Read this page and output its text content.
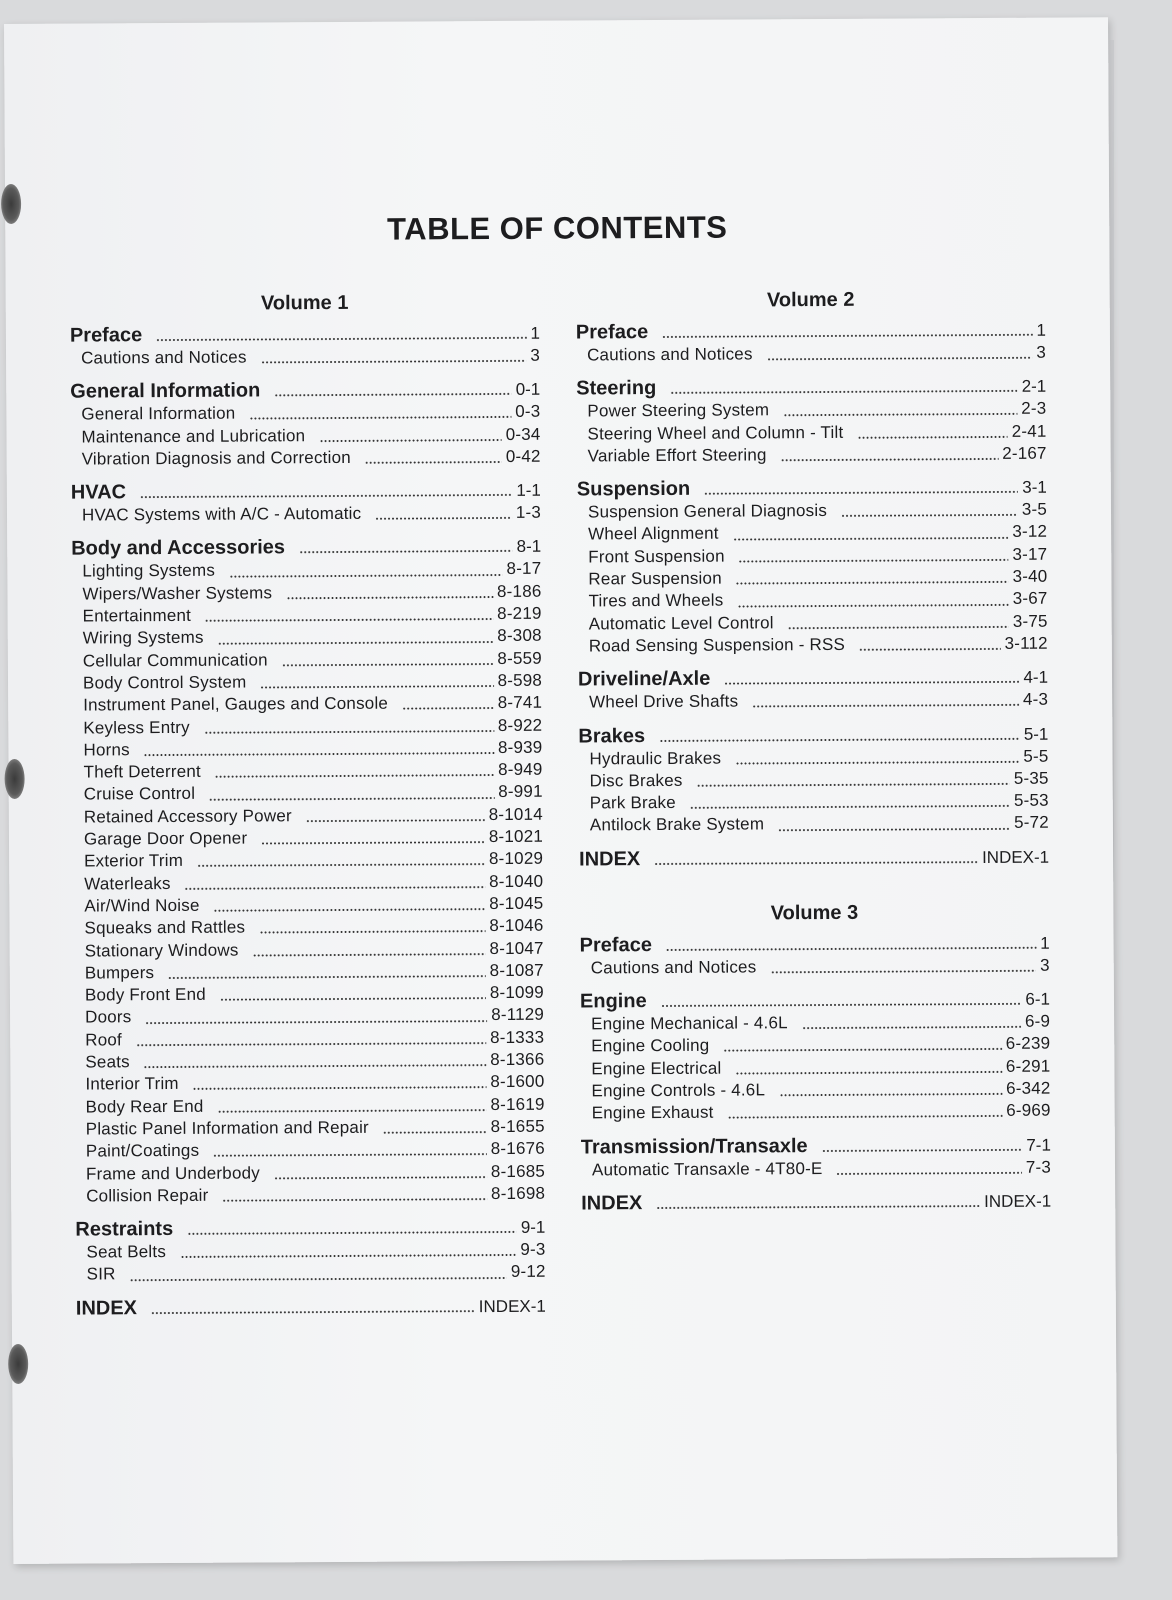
TABLE OF CONTENTS
Volume 1
Preface	1
Cautions and Notices	3
General Information	0-1
General Information	0-3
Maintenance and Lubrication	0-34
Vibration Diagnosis and Correction	0-42
HVAC	1-1
HVAC Systems with A/C - Automatic	1-3
Body and Accessories	8-1
Lighting Systems	8-17
Wipers/Washer Systems	8-186
Entertainment	8-219
Wiring Systems	8-308
Cellular Communication	8-559
Body Control System	8-598
Instrument Panel, Gauges and Console	8-741
Keyless Entry	8-922
Horns	8-939
Theft Deterrent	8-949
Cruise Control	8-991
Retained Accessory Power	8-1014
Garage Door Opener	8-1021
Exterior Trim	8-1029
Waterleaks	8-1040
Air/Wind Noise	8-1045
Squeaks and Rattles	8-1046
Stationary Windows	8-1047
Bumpers	8-1087
Body Front End	8-1099
Doors	8-1129
Roof	8-1333
Seats	8-1366
Interior Trim	8-1600
Body Rear End	8-1619
Plastic Panel Information and Repair	8-1655
Paint/Coatings	8-1676
Frame and Underbody	8-1685
Collision Repair	8-1698
Restraints	9-1
Seat Belts	9-3
SIR	9-12
INDEX	INDEX-1
Volume 2
Preface	1
Cautions and Notices	3
Steering	2-1
Power Steering System	2-3
Steering Wheel and Column - Tilt	2-41
Variable Effort Steering	2-167
Suspension	3-1
Suspension General Diagnosis	3-5
Wheel Alignment	3-12
Front Suspension	3-17
Rear Suspension	3-40
Tires and Wheels	3-67
Automatic Level Control	3-75
Road Sensing Suspension - RSS	3-112
Driveline/Axle	4-1
Wheel Drive Shafts	4-3
Brakes	5-1
Hydraulic Brakes	5-5
Disc Brakes	5-35
Park Brake	5-53
Antilock Brake System	5-72
INDEX	INDEX-1
Volume 3
Preface	1
Cautions and Notices	3
Engine	6-1
Engine Mechanical - 4.6L	6-9
Engine Cooling	6-239
Engine Electrical	6-291
Engine Controls - 4.6L	6-342
Engine Exhaust	6-969
Transmission/Transaxle	7-1
Automatic Transaxle - 4T80-E	7-3
INDEX	INDEX-1
